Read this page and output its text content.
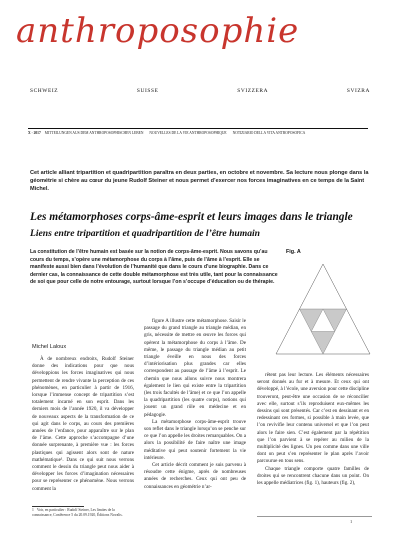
anthroposophie
SCHWEIZ	SUISSE	SVIZZERA	SVIZRA
X · 2017 MITTEILUNGEN AUS DEM ANTHROPOSOPHISCHEN LEBEN NOUVELLES DE LA VIE ANTHROPOSOPHIQUE NOTIZIARIO DELLA VITA ANTROPOSOFICA
Cet article alliant tripartition et quadripartition paraîtra en deux parties, en octobre et novembre. Sa lecture nous plonge dans la géométrie si chère au cœur du jeune Rudolf Steiner et nous permet d’exercer nos forces imaginatives en ce temps de la Saint Michel.
Les métamorphoses corps-âme-esprit et leurs images dans le triangle
Liens entre tripartition et quadripartition de l’être humain
La constitution de l’être humain est basée sur la notion de corps-âme-esprit. Nous savons qu’au cours du temps, s’opère une métamorphose du corps à l’âme, puis de l’âme à l’esprit. Elle se manifeste aussi bien dans l’évolution de l’humanité que dans le cours d’une biographie. Dans ce dernier cas, la connaissance de cette double métamorphose est très utile, tant pour la connaissance de soi que pour celle de notre entourage, surtout lorsque l’on s’occupe d’éducation ou de thérapie.
Fig. A
Michel Laloux

À de nombreux endroits, Rudolf Steiner donne des indications pour que nous développions les forces imaginatives qui nous permettent de rendre vivante la perception de ces phénomènes, en particulier à partir de 1916, lorsque l’immense concept de tripartition s’est totalement incarné en son esprit. Dans les derniers mois de l’année 1920, il va développer de nouveaux aspects de la transformation de ce qui agit dans le corps, au cours des premières années de l’enfance, pour apparaître sur le plan de l’âme. Cette approche s’accompagne d’une donnée surprenante, à première vue : les forces plastiques qui agissent alors sont de nature mathématique¹. Dans ce qui suit nous verrons comment le dessin du triangle peut nous aider à développer les forces d’imagination nécessaires pour se représenter ce phénomène. Nous verrons comment la

figure A illustre cette métamorphose. Saisir le passage du grand triangle au triangle médian, en gris, nécessite de mettre en œuvre les forces qui opèrent la métamorphose du corps à l’âme. De même, le passage du triangle médian au petit triangle éveille en nous des forces d’intériorisation plus grandes car elles correspondent au passage de l’âme à l’esprit. Le chemin que nous allons suivre nous montrera également le lien qui existe entre la tripartition (les trois facultés de l’âme) et ce que l’on appelle la quadripartition (les quatre corps), notions qui jouent un grand rôle en médecine et en pédagogie.

La métamorphose corps-âme-esprit trouve son reflet dans le triangle lorsqu’on se penche sur ce que l’on appelle les droites remarquables. On a alors la possibilité de faire naître une image méditative qui peut soutenir fortement la vie intérieure.

Cet article décrit comment je suis parvenu à résoudre cette énigme, après de nombreuses années de recherches. Ceux qui ont peu de connaissances en géométrie n’ar-

rêtent pas leur lecture. Les éléments nécessaires seront donnés au fur et à mesure. Et ceux qui ont développé, à l’école, une aversion pour cette discipline trouveront, peut-être une occasion de se réconcilier avec elle, surtout s’ils reproduisent eux-mêmes les dessins qui sont présentés. Car c’est en dessinant et en redessinant ces formes, si possible à main levée, que l’on revivifie leur contenu universel et que l’on peut alors le faire sien. C’est également par la répétition que l’on parvient à se repérer au milieu de la multiplicité des lignes. Un peu comme dans une ville dont on peut s’en représenter le plan après l’avoir parcourue en tous sens.

Chaque triangle comporte quatre familles de droites qui se rencontrent chacune dans un point. On les appelle médiatrices (fig. 1), hauteurs (fig. 2),

1 Voir, en particulier : Rudolf Steiner, Les limites de la connaissance, Conférence 5 du 20.09.1920, Éditions Novalis.
1
